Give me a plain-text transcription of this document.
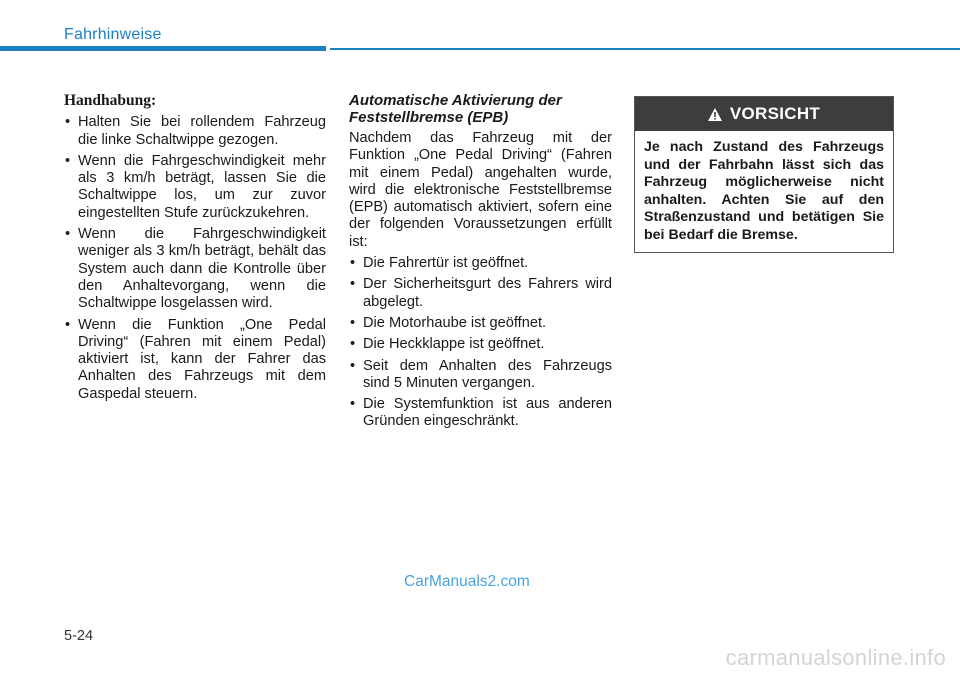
Fahrhinweise
Handhabung:
• Halten Sie bei rollendem Fahrzeug die linke Schaltwippe gezogen.
• Wenn die Fahrgeschwindigkeit mehr als 3 km/h beträgt, lassen Sie die Schaltwippe los, um zur zuvor eingestellten Stufe zurückzukehren.
• Wenn die Fahrgeschwindigkeit weniger als 3 km/h beträgt, behält das System auch dann die Kontrolle über den Anhaltevorgang, wenn die Schaltwippe losgelassen wird.
• Wenn die Funktion „One Pedal Driving“ (Fahren mit einem Pedal) aktiviert ist, kann der Fahrer das Anhalten des Fahrzeugs mit dem Gaspedal steuern.
Automatische Aktivierung der Feststellbremse (EPB)

Nachdem das Fahrzeug mit der Funktion „One Pedal Driving“ (Fahren mit einem Pedal) angehalten wurde, wird die elektronische Feststellbremse (EPB) automatisch aktiviert, sofern eine der folgenden Voraussetzungen erfüllt ist:

• Die Fahrertür ist geöffnet.
• Der Sicherheitsgurt des Fahrers wird abgelegt.
• Die Motorhaube ist geöffnet.
• Die Heckklappe ist geöffnet.
• Seit dem Anhalten des Fahrzeugs sind 5 Minuten vergangen.
• Die Systemfunktion ist aus anderen Gründen eingeschränkt.
VORSICHT
Je nach Zustand des Fahrzeugs und der Fahrbahn lässt sich das Fahrzeug möglicherweise nicht anhalten. Achten Sie auf den Straßenzustand und betätigen Sie bei Bedarf die Bremse.
CarManuals2.com
5-24
carmanualsonline.info
